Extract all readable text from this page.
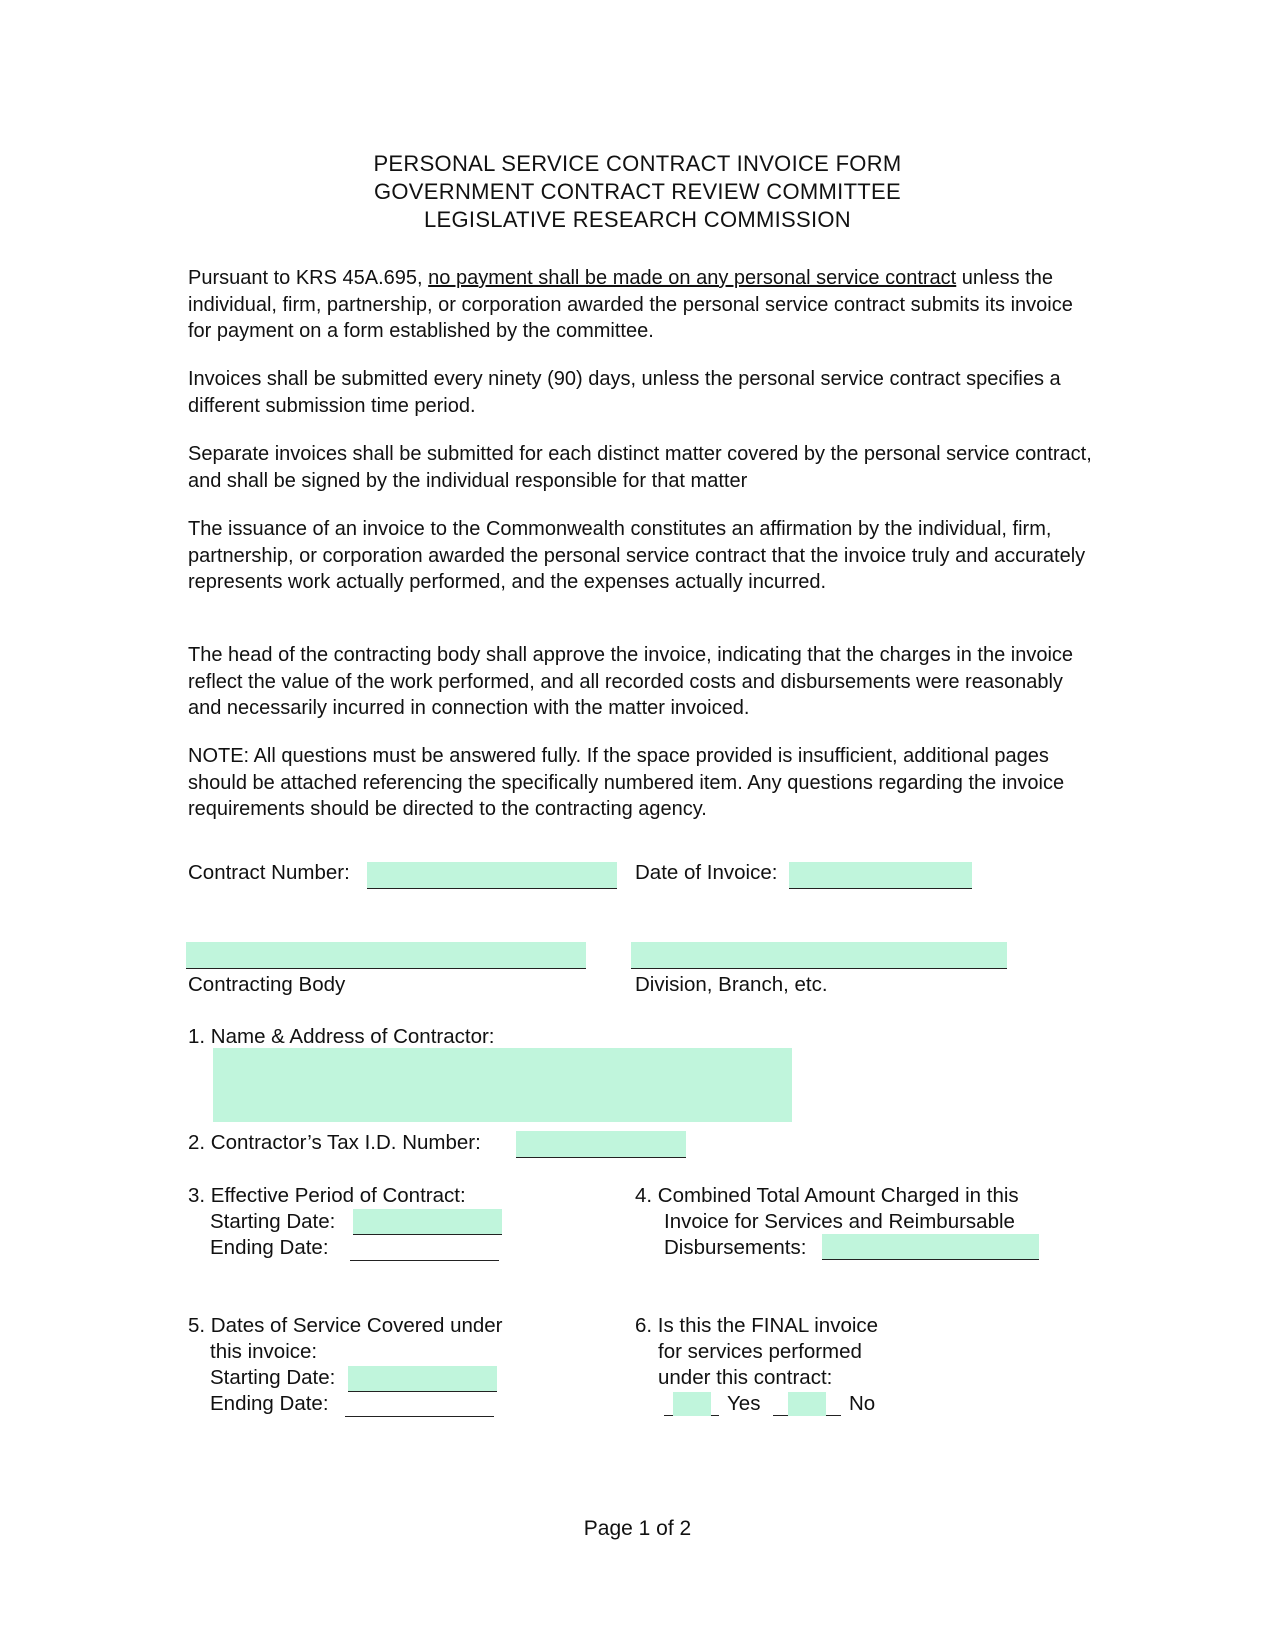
PERSONAL SERVICE CONTRACT INVOICE FORM
GOVERNMENT CONTRACT REVIEW COMMITTEE
LEGISLATIVE RESEARCH COMMISSION
Pursuant to KRS 45A.695, no payment shall be made on any personal service contract unless the individual, firm, partnership, or corporation awarded the personal service contract submits its invoice for payment on a form established by the committee.
Invoices shall be submitted every ninety (90) days, unless the personal service contract specifies a different submission time period.
Separate invoices shall be submitted for each distinct matter covered by the personal service contract, and shall be signed by the individual responsible for that matter
The issuance of an invoice to the Commonwealth constitutes an affirmation by the individual, firm, partnership, or corporation awarded the personal service contract that the invoice truly and accurately represents work actually performed, and the expenses actually incurred.
The head of the contracting body shall approve the invoice, indicating that the charges in the invoice reflect the value of the work performed, and all recorded costs and disbursements were reasonably and necessarily incurred in connection with the matter invoiced.
NOTE: All questions must be answered fully. If the space provided is insufficient, additional pages should be attached referencing the specifically numbered item. Any questions regarding the invoice requirements should be directed to the contracting agency.
Contract Number:	Date of Invoice:
Contracting Body	Division, Branch, etc.
1. Name & Address of Contractor:
2. Contractor’s Tax I.D. Number:
3. Effective Period of Contract:
Starting Date:
Ending Date:
4. Combined Total Amount Charged in this
Invoice for Services and Reimbursable
Disbursements:
5. Dates of Service Covered under
this invoice:
Starting Date:
Ending Date:
6. Is this the FINAL invoice
for services performed
under this contract:
Yes	No
Page 1 of 2
